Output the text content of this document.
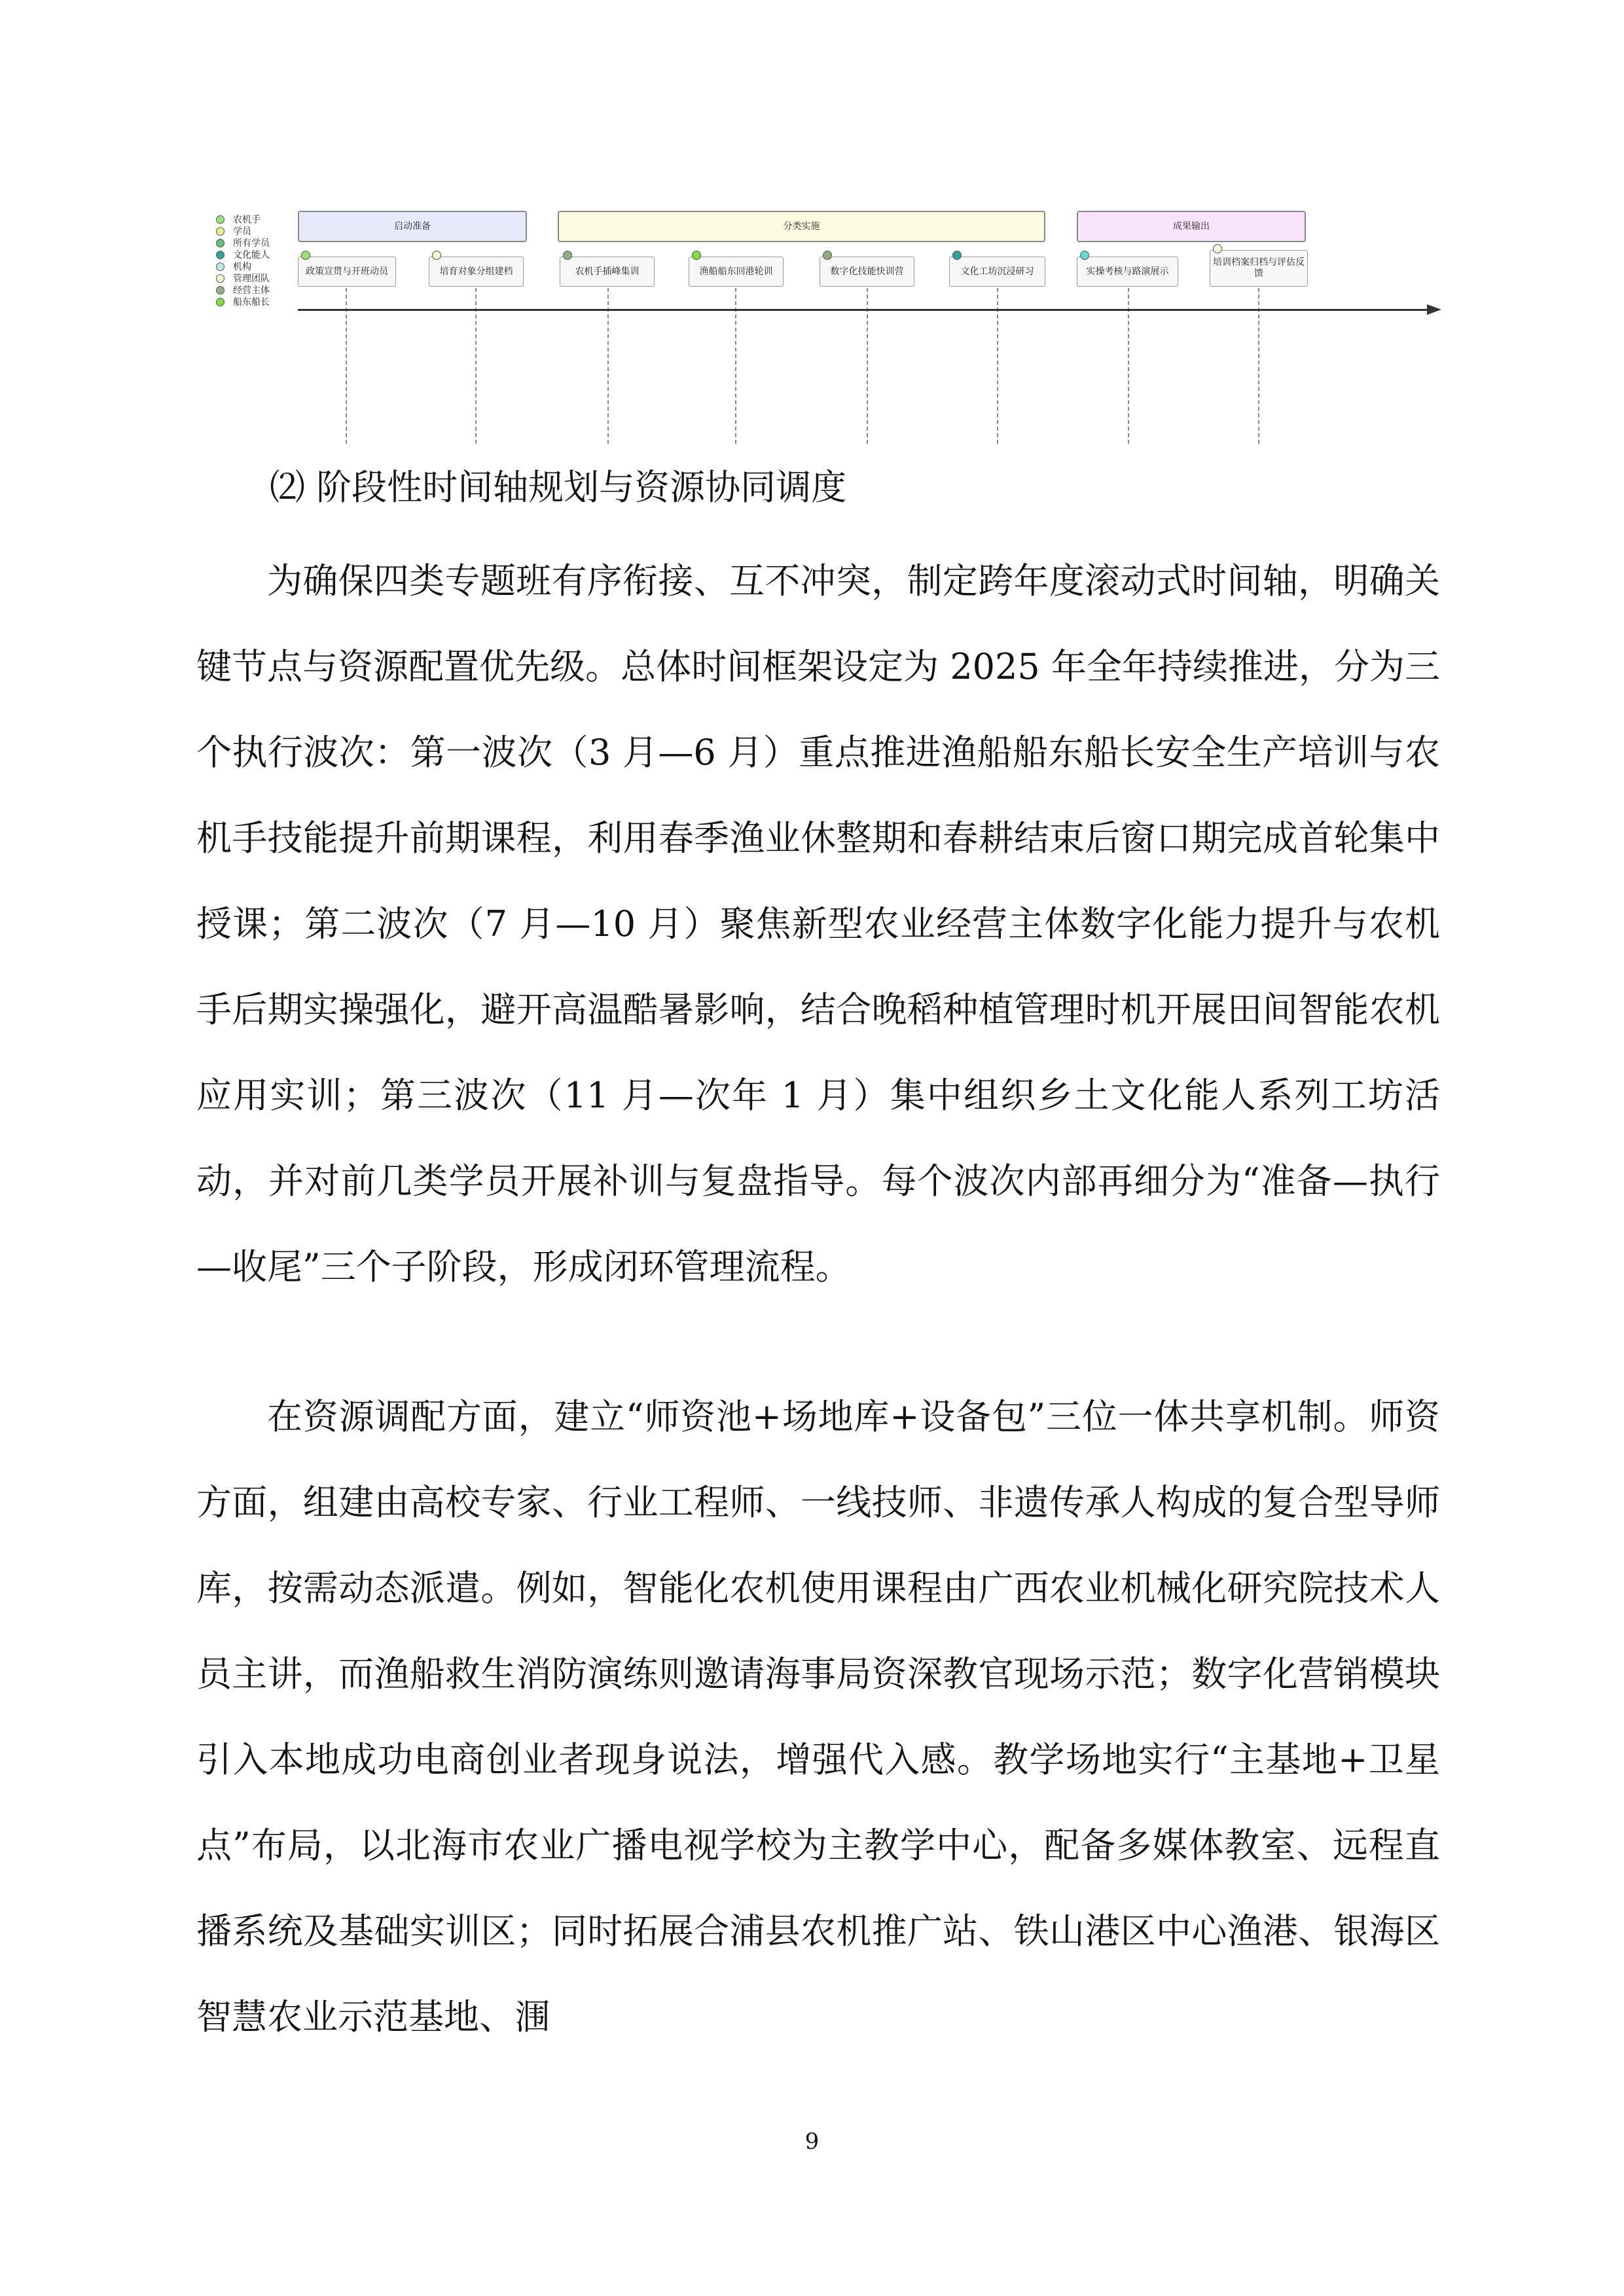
农机手
学员
所有学员
文化能人
机构
管理团队
经营主体
船东船长
启动准备	分类实施	成果输出
政策宣贯与开班动员	培育对象分组建档	农机手插峰集训	渔船船东回港轮训	数字化技能快训营	文化工坊沉浸研习	实操考核与路演展示
培训档案归档与评估反馈
⑵ 阶段性时间轴规划与资源协同调度

为确保四类专题班有序衔接、互不冲突，制定跨年度滚动式时间轴，明确关键节点与资源配置优先级。总体时间框架设定为 2025 年全年持续推进，分为三个执行波次：第一波次（3 月—6 月）重点推进渔船船东船长安全生产培训与农机手技能提升前期课程，利用春季渔业休整期和春耕结束后窗口期完成首轮集中授课；第二波次（7 月—10 月）聚焦新型农业经营主体数字化能力提升与农机手后期实操强化，避开高温酷暑影响，结合晚稻种植管理时机开展田间智能农机应用实训；第三波次（11 月—次年 1 月）集中组织乡土文化能人系列工坊活动，并对前几类学员开展补训与复盘指导。每个波次内部再细分为“准备—执行—收尾”三个子阶段，形成闭环管理流程。

在资源调配方面，建立“师资池+场地库+设备包”三位一体共享机制。师资方面，组建由高校专家、行业工程师、一线技师、非遗传承人构成的复合型导师库，按需动态派遣。例如，智能化农机使用课程由广西农业机械化研究院技术人员主讲，而渔船救生消防演练则邀请海事局资深教官现场示范；数字化营销模块引入本地成功电商创业者现身说法，增强代入感。教学场地实行“主基地+卫星点”布局，以北海市农业广播电视学校为主教学中心，配备多媒体教室、远程直播系统及基础实训区；同时拓展合浦县农机推广站、铁山港区中心渔港、银海区智慧农业示范基地、涠

9
